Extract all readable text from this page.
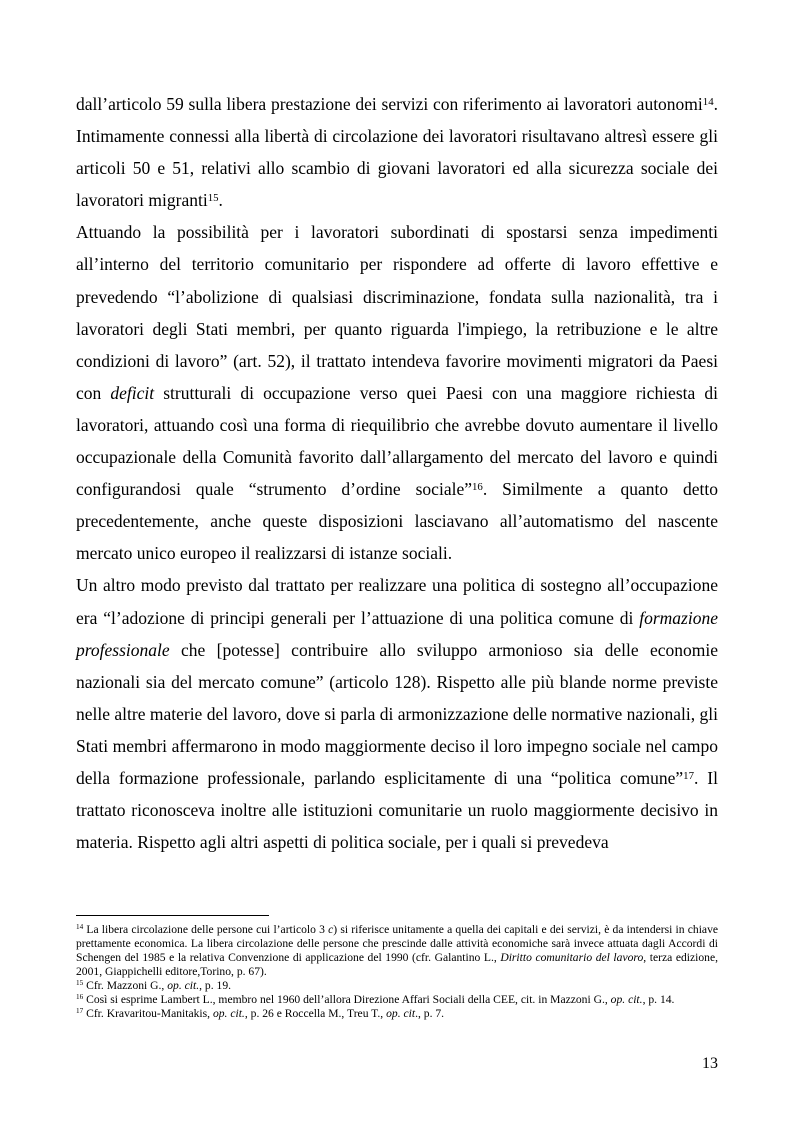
dall’articolo 59 sulla libera prestazione dei servizi con riferimento ai lavoratori autonomi$^{14}$. Intimamente connessi alla libertà di circolazione dei lavoratori risultavano altresì essere gli articoli 50 e 51, relativi allo scambio di giovani lavoratori ed alla sicurezza sociale dei lavoratori migranti$^{15}$.

Attuando la possibilità per i lavoratori subordinati di spostarsi senza impedimenti all’interno del territorio comunitario per rispondere ad offerte di lavoro effettive e prevedendo “l’abolizione di qualsiasi discriminazione, fondata sulla nazionalità, tra i lavoratori degli Stati membri, per quanto riguarda l'impiego, la retribuzione e le altre condizioni di lavoro” (art. 52), il trattato intendeva favorire movimenti migratori da Paesi con deficit strutturali di occupazione verso quei Paesi con una maggiore richiesta di lavoratori, attuando così una forma di riequilibrio che avrebbe dovuto aumentare il livello occupazionale della Comunità favorito dall’allargamento del mercato del lavoro e quindi configurandosi quale “strumento d’ordine sociale”$^{16}$. Similmente a quanto detto precedentemente, anche queste disposizioni lasciavano all’automatismo del nascente mercato unico europeo il realizzarsi di istanze sociali.

Un altro modo previsto dal trattato per realizzare una politica di sostegno all’occupazione era “l’adozione di principi generali per l’attuazione di una politica comune di formazione professionale che [potesse] contribuire allo sviluppo armonioso sia delle economie nazionali sia del mercato comune” (articolo 128). Rispetto alle più blande norme previste nelle altre materie del lavoro, dove si parla di armonizzazione delle normative nazionali, gli Stati membri affermarono in modo maggiormente deciso il loro impegno sociale nel campo della formazione professionale, parlando esplicitamente di una “politica comune”$^{17}$. Il trattato riconosceva inoltre alle istituzioni comunitarie un ruolo maggiormente decisivo in materia. Rispetto agli altri aspetti di politica sociale, per i quali si prevedeva

$^{14}$ La libera circolazione delle persone cui l’articolo 3 c) si riferisce unitamente a quella dei capitali e dei servizi, è da intendersi in chiave prettamente economica. La libera circolazione delle persone che prescinde dalle attività economiche sarà invece attuata dagli Accordi di Schengen del 1985 e la relativa Convenzione di applicazione del 1990 (cfr. Galantino L., Diritto comunitario del lavoro, terza edizione, 2001, Giappichelli editore,Torino, p. 67).

$^{15}$ Cfr. Mazzoni G., op. cit., p. 19.

$^{16}$ Così si esprime Lambert L., membro nel 1960 dell’allora Direzione Affari Sociali della CEE, cit. in Mazzoni G., op. cit., p. 14.

$^{17}$ Cfr. Kravaritou-Manitakis, op. cit., p. 26 e Roccella M., Treu T., op. cit., p. 7.

13
